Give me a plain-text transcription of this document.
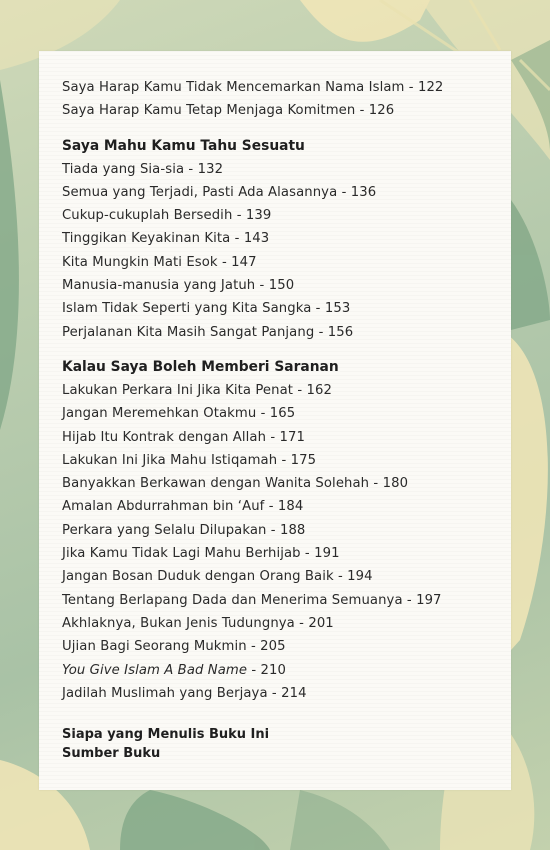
Saya Harap Kamu Tidak Mencemarkan Nama Islam - 122
Saya Harap Kamu Tetap Menjaga Komitmen - 126
Saya Mahu Kamu Tahu Sesuatu
Tiada yang Sia-sia - 132
Semua yang Terjadi, Pasti Ada Alasannya - 136
Cukup-cukuplah Bersedih - 139
Tinggikan Keyakinan Kita - 143
Kita Mungkin Mati Esok - 147
Manusia-manusia yang Jatuh - 150
Islam Tidak Seperti yang Kita Sangka - 153
Perjalanan Kita Masih Sangat Panjang - 156
Kalau Saya Boleh Memberi Saranan
Lakukan Perkara Ini Jika Kita Penat - 162
Jangan Meremehkan Otakmu - 165
Hijab Itu Kontrak dengan Allah - 171
Lakukan Ini Jika Mahu Istiqamah - 175
Banyakkan Berkawan dengan Wanita Solehah - 180
Amalan Abdurrahman bin ‘Auf - 184
Perkara yang Selalu Dilupakan - 188
Jika Kamu Tidak Lagi Mahu Berhijab - 191
Jangan Bosan Duduk dengan Orang Baik - 194
Tentang Berlapang Dada dan Menerima Semuanya - 197
Akhlaknya, Bukan Jenis Tudungnya - 201
Ujian Bagi Seorang Mukmin - 205
You Give Islam A Bad Name - 210
Jadilah Muslimah yang Berjaya - 214
Siapa yang Menulis Buku Ini
Sumber Buku
